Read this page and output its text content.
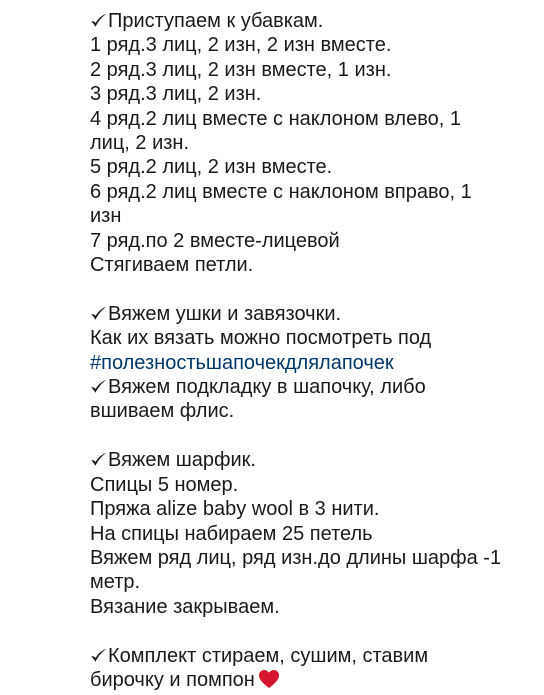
Приступаем к убавкам.
1 ряд.3 лиц, 2 изн, 2 изн вместе.
2 ряд.3 лиц, 2 изн вместе, 1 изн.
3 ряд.3 лиц, 2 изн.
4 ряд.2 лиц вместе с наклоном влево, 1
лиц, 2 изн.
5 ряд.2 лиц, 2 изн вместе.
6 ряд.2 лиц вместе с наклоном вправо, 1
изн
7 ряд.по 2 вместе-лицевой
Стягиваем петли.
Вяжем ушки и завязочки.
Как их вязать можно посмотреть под
#полезностьшапочекдлялапочек
Вяжем подкладку в шапочку, либо
вшиваем флис.
Вяжем шарфик.
Спицы 5 номер.
Пряжа alize baby wool в 3 нити.
На спицы набираем 25 петель
Вяжем ряд лиц, ряд изн.до длины шарфа -1
метр.
Вязание закрываем.
Комплект стираем, сушим, ставим
бирочку и помпон
